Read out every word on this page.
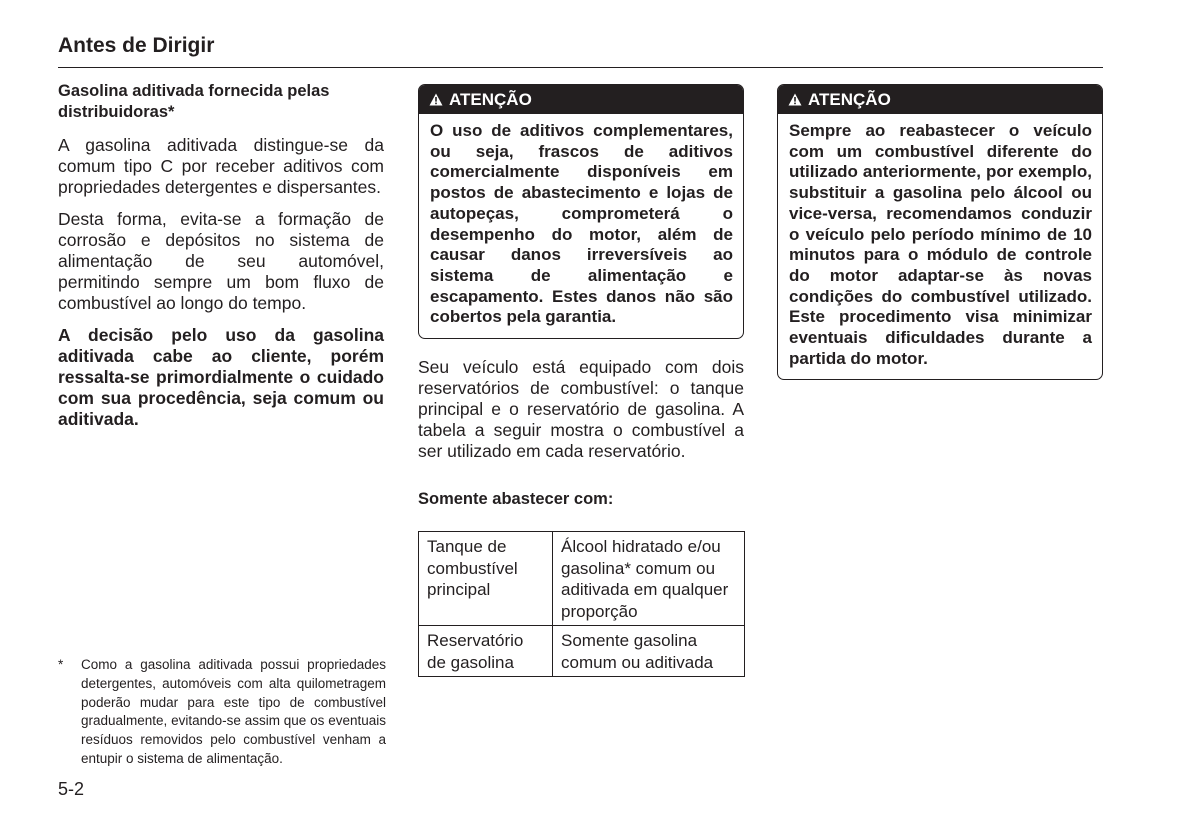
Antes de Dirigir

Gasolina aditivada fornecida pelas distribuidoras*

A gasolina aditivada distingue-se da comum tipo C por receber aditivos com propriedades detergentes e dispersantes.

Desta forma, evita-se a formação de corrosão e depósitos no sistema de alimentação de seu automóvel, permitindo sempre um bom fluxo de combustível ao longo do tempo.

A decisão pelo uso da gasolina aditivada cabe ao cliente, porém ressalta-se primordialmente o cuidado com sua procedência, seja comum ou aditivada.

ATENÇÃO
O uso de aditivos complementares, ou seja, frascos de aditivos comercialmente disponíveis em postos de abastecimento e lojas de autopeças, comprometerá o desempenho do motor, além de causar danos irreversíveis ao sistema de alimentação e escapamento. Estes danos não são cobertos pela garantia.

Seu veículo está equipado com dois reservatórios de combustível: o tanque principal e o reservatório de gasolina. A tabela a seguir mostra o combustível a ser utilizado em cada reservatório.

Somente abastecer com:

Tanque de combustível principal	Álcool hidratado e/ou gasolina* comum ou aditivada em qualquer proporção
Reservatório de gasolina	Somente gasolina comum ou aditivada
ATENÇÃO
Sempre ao reabastecer o veículo com um combustível diferente do utilizado anteriormente, por exemplo, substituir a gasolina pelo álcool ou vice-versa, recomendamos conduzir o veículo pelo período mínimo de 10 minutos para o módulo de controle do motor adaptar-se às novas condições do combustível utilizado. Este procedimento visa minimizar eventuais dificuldades durante a partida do motor.
* Como a gasolina aditivada possui propriedades detergentes, automóveis com alta quilometragem poderão mudar para este tipo de combustível gradualmente, evitando-se assim que os eventuais resíduos removidos pelo combustível venham a entupir o sistema de alimentação.
5-2
